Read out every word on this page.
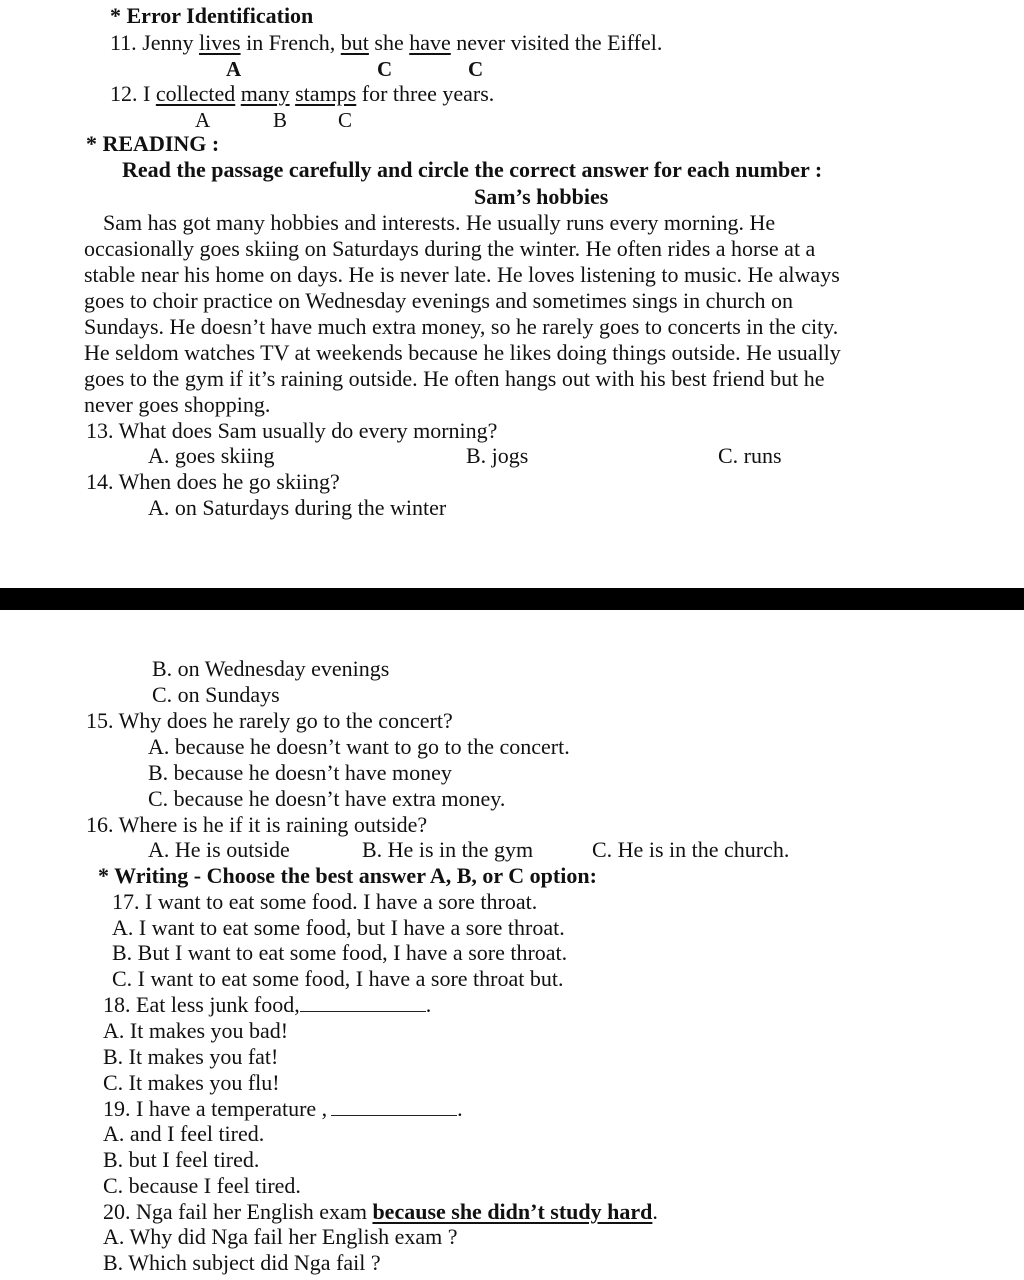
* Error Identification
11. Jenny lives in French, but she have never visited the Eiffel.
A	C	C
12. I collected many stamps for three years.
A	B C
* READING :
Read the passage carefully and circle the correct answer for each number :
Sam’s hobbies
Sam has got many hobbies and interests. He usually runs every morning. He
occasionally goes skiing on Saturdays during the winter. He often rides a horse at a
stable near his home on days. He is never late. He loves listening to music. He always
goes to choir practice on Wednesday evenings and sometimes sings in church on
Sundays. He doesn’t have much extra money, so he rarely goes to concerts in the city.
He seldom watches TV at weekends because he likes doing things outside. He usually
goes to the gym if it’s raining outside. He often hangs out with his best friend but he
never goes shopping.
13. What does Sam usually do every morning?
A. goes skiing	B. jogs	C. runs
14. When does he go skiing?
A. on Saturdays during the winter
B. on Wednesday evenings
C. on Sundays
15. Why does he rarely go to the concert?
A. because he doesn’t want to go to the concert.
B. because he doesn’t have money
C. because he doesn’t have extra money.
16. Where is he if it is raining outside?
A. He is outside	B. He is in the gym	C. He is in the church.
* Writing - Choose the best answer A, B, or C option:
17. I want to eat some food. I have a sore throat.
A. I want to eat some food, but I have a sore throat.
B. But I want to eat some food, I have a sore throat.
C. I want to eat some food, I have a sore throat but.
18. Eat less junk food,	.
A. It makes you bad!
B. It makes you fat!
C. It makes you flu!
19. I have a temperature ,	.
A. and I feel tired.
B. but I feel tired.
C. because I feel tired.
20. Nga fail her English exam because she didn’t study hard.
A. Why did Nga fail her English exam ?
B. Which subject did Nga fail ?
